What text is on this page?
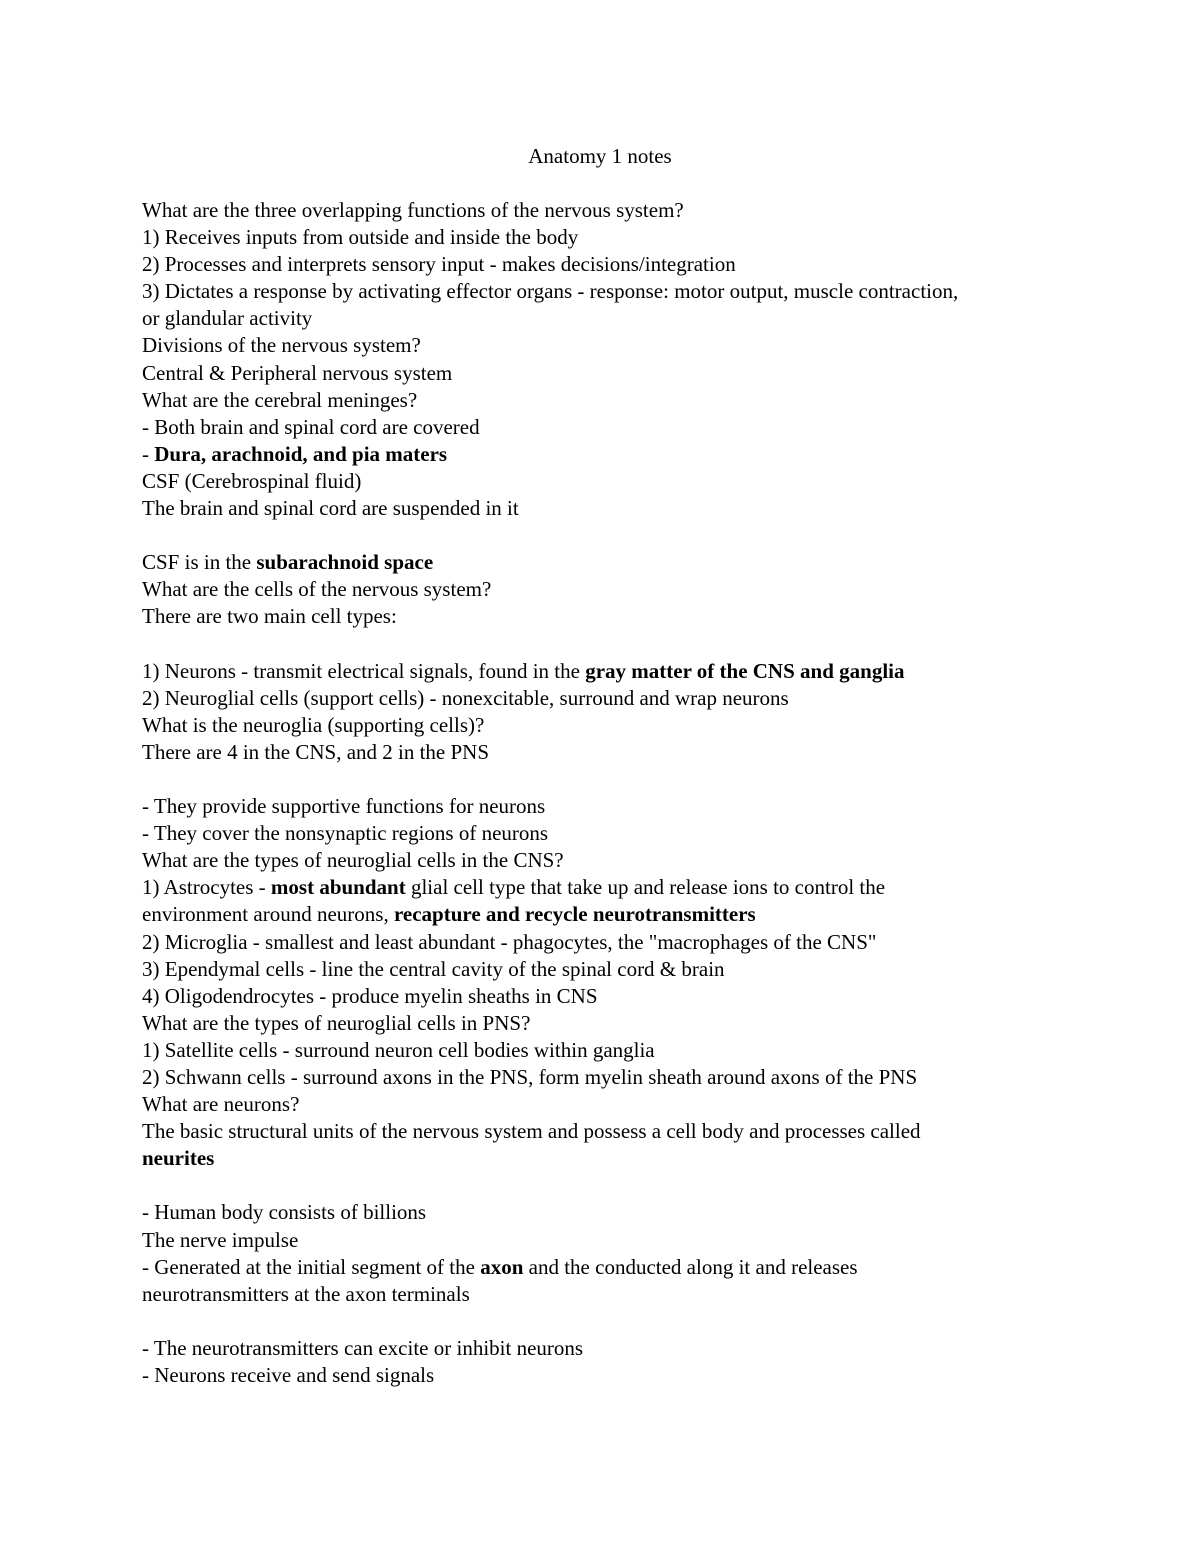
Anatomy 1 notes
What are the three overlapping functions of the nervous system?
1) Receives inputs from outside and inside the body
2) Processes and interprets sensory input - makes decisions/integration
3) Dictates a response by activating effector organs - response: motor output, muscle contraction,
or glandular activity
Divisions of the nervous system?
Central & Peripheral nervous system
What are the cerebral meninges?
- Both brain and spinal cord are covered
- Dura, arachnoid, and pia maters
CSF (Cerebrospinal fluid)
The brain and spinal cord are suspended in it
CSF is in the subarachnoid space
What are the cells of the nervous system?
There are two main cell types:
1) Neurons - transmit electrical signals, found in the gray matter of the CNS and ganglia
2) Neuroglial cells (support cells) - nonexcitable, surround and wrap neurons
What is the neuroglia (supporting cells)?
There are 4 in the CNS, and 2 in the PNS
- They provide supportive functions for neurons
- They cover the nonsynaptic regions of neurons
What are the types of neuroglial cells in the CNS?
1) Astrocytes - most abundant glial cell type that take up and release ions to control the
environment around neurons, recapture and recycle neurotransmitters
2) Microglia - smallest and least abundant - phagocytes, the "macrophages of the CNS"
3) Ependymal cells - line the central cavity of the spinal cord & brain
4) Oligodendrocytes - produce myelin sheaths in CNS
What are the types of neuroglial cells in PNS?
1) Satellite cells - surround neuron cell bodies within ganglia
2) Schwann cells - surround axons in the PNS, form myelin sheath around axons of the PNS
What are neurons?
The basic structural units of the nervous system and possess a cell body and processes called
neurites
- Human body consists of billions
The nerve impulse
- Generated at the initial segment of the axon and the conducted along it and releases
neurotransmitters at the axon terminals
- The neurotransmitters can excite or inhibit neurons
- Neurons receive and send signals
